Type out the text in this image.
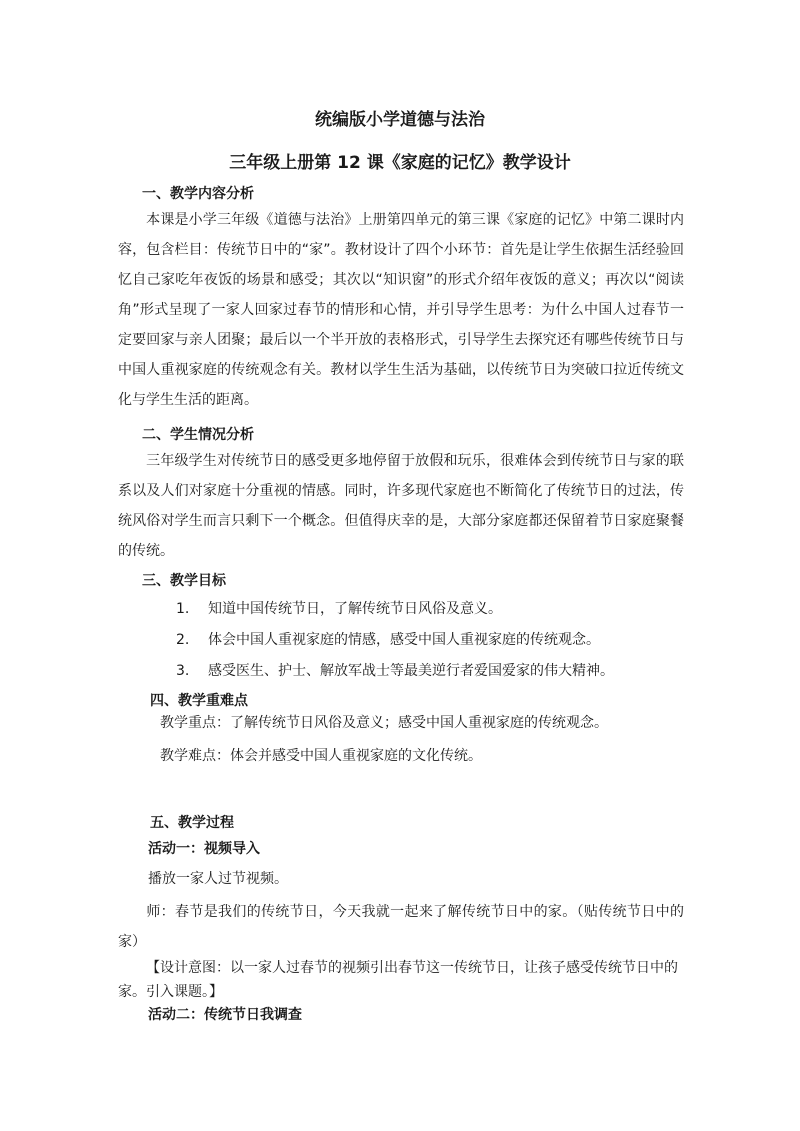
统编版小学道德与法治
三年级上册第 12 课《家庭的记忆》教学设计
一、教学内容分析

本课是小学三年级《道德与法治》上册第四单元的第三课《家庭的记忆》中第二课时内容，包含栏目：传统节日中的“家”。教材设计了四个小环节：首先是让学生依据生活经验回忆自己家吃年夜饭的场景和感受；其次以“知识窗”的形式介绍年夜饭的意义；再次以“阅读角”形式呈现了一家人回家过春节的情形和心情，并引导学生思考：为什么中国人过春节一定要回家与亲人团聚；最后以一个半开放的表格形式，引导学生去探究还有哪些传统节日与中国人重视家庭的传统观念有关。教材以学生生活为基础，以传统节日为突破口拉近传统文化与学生生活的距离。

二、学生情况分析

三年级学生对传统节日的感受更多地停留于放假和玩乐，很难体会到传统节日与家的联系以及人们对家庭十分重视的情感。同时，许多现代家庭也不断简化了传统节日的过法，传统风俗对学生而言只剩下一个概念。但值得庆幸的是，大部分家庭都还保留着节日家庭聚餐的传统。

三、教学目标
1. 知道中国传统节日，了解传统节日风俗及意义。
2. 体会中国人重视家庭的情感，感受中国人重视家庭的传统观念。
3. 感受医生、护士、解放军战士等最美逆行者爱国爱家的伟大精神。
四、教学重难点
教学重点：了解传统节日风俗及意义；感受中国人重视家庭的传统观念。
教学难点：体会并感受中国人重视家庭的文化传统。
五、教学过程
活动一：视频导入
播放一家人过节视频。

师：春节是我们的传统节日，今天我就一起来了解传统节日中的家。（贴传统节日中的家）

【设计意图：以一家人过春节的视频引出春节这一传统节日，让孩子感受传统节日中的家。引入课题。】

活动二：传统节日我调查
